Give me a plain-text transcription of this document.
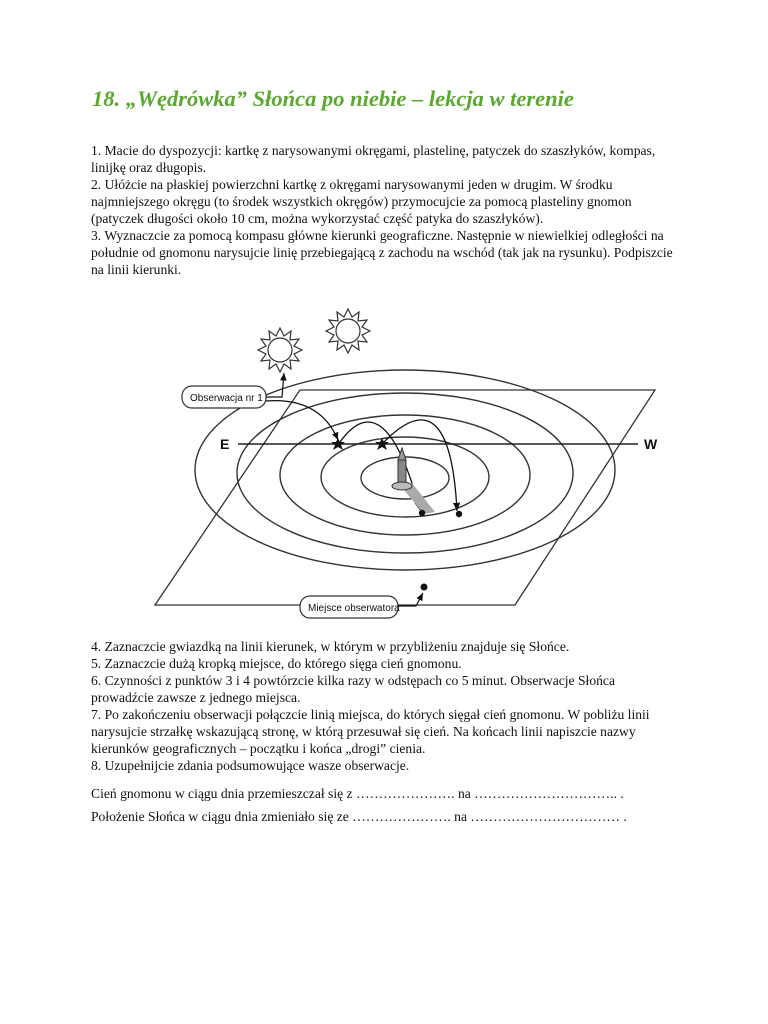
18. „Wędrówka” Słońca po niebie – lekcja w terenie

1. Macie do dyspozycji: kartkę z narysowanymi okręgami, plastelinę, patyczek do szaszłyków, kompas, linijkę oraz długopis.

2. Ułóżcie na płaskiej powierzchni kartkę z okręgami narysowanymi jeden w drugim. W środku najmniejszego okręgu (to środek wszystkich okręgów) przymocujcie za pomocą plasteliny gnomon (patyczek długości około 10 cm, można wykorzystać część patyka do szaszłyków).

3. Wyznaczcie za pomocą kompasu główne kierunki geograficzne. Następnie w niewielkiej odległości na południe od gnomonu narysujcie linię przebiegającą z zachodu na wschód (tak jak na rysunku). Podpiszcie na linii kierunki.

E	W
Obserwacja nr 1
Miejsce obserwatora

4. Zaznaczcie gwiazdką na linii kierunek, w którym w przybliżeniu znajduje się Słońce.

5. Zaznaczcie dużą kropką miejsce, do którego sięga cień gnomonu.

6. Czynności z punktów 3 i 4 powtórzcie kilka razy w odstępach co 5 minut. Obserwacje Słońca prowadźcie zawsze z jednego miejsca.

7. Po zakończeniu obserwacji połączcie linią miejsca, do których sięgał cień gnomonu. W pobliżu linii narysujcie strzałkę wskazującą stronę, w którą przesuwał się cień. Na końcach linii napiszcie nazwy kierunków geograficznych – początku i końca „drogi” cienia.

8. Uzupełnijcie zdania podsumowujące wasze obserwacje.

Cień gnomonu w ciągu dnia przemieszczał się z …………………. na ………………………….. .

Położenie Słońca w ciągu dnia zmieniało się ze …………………. na …………………………… .
